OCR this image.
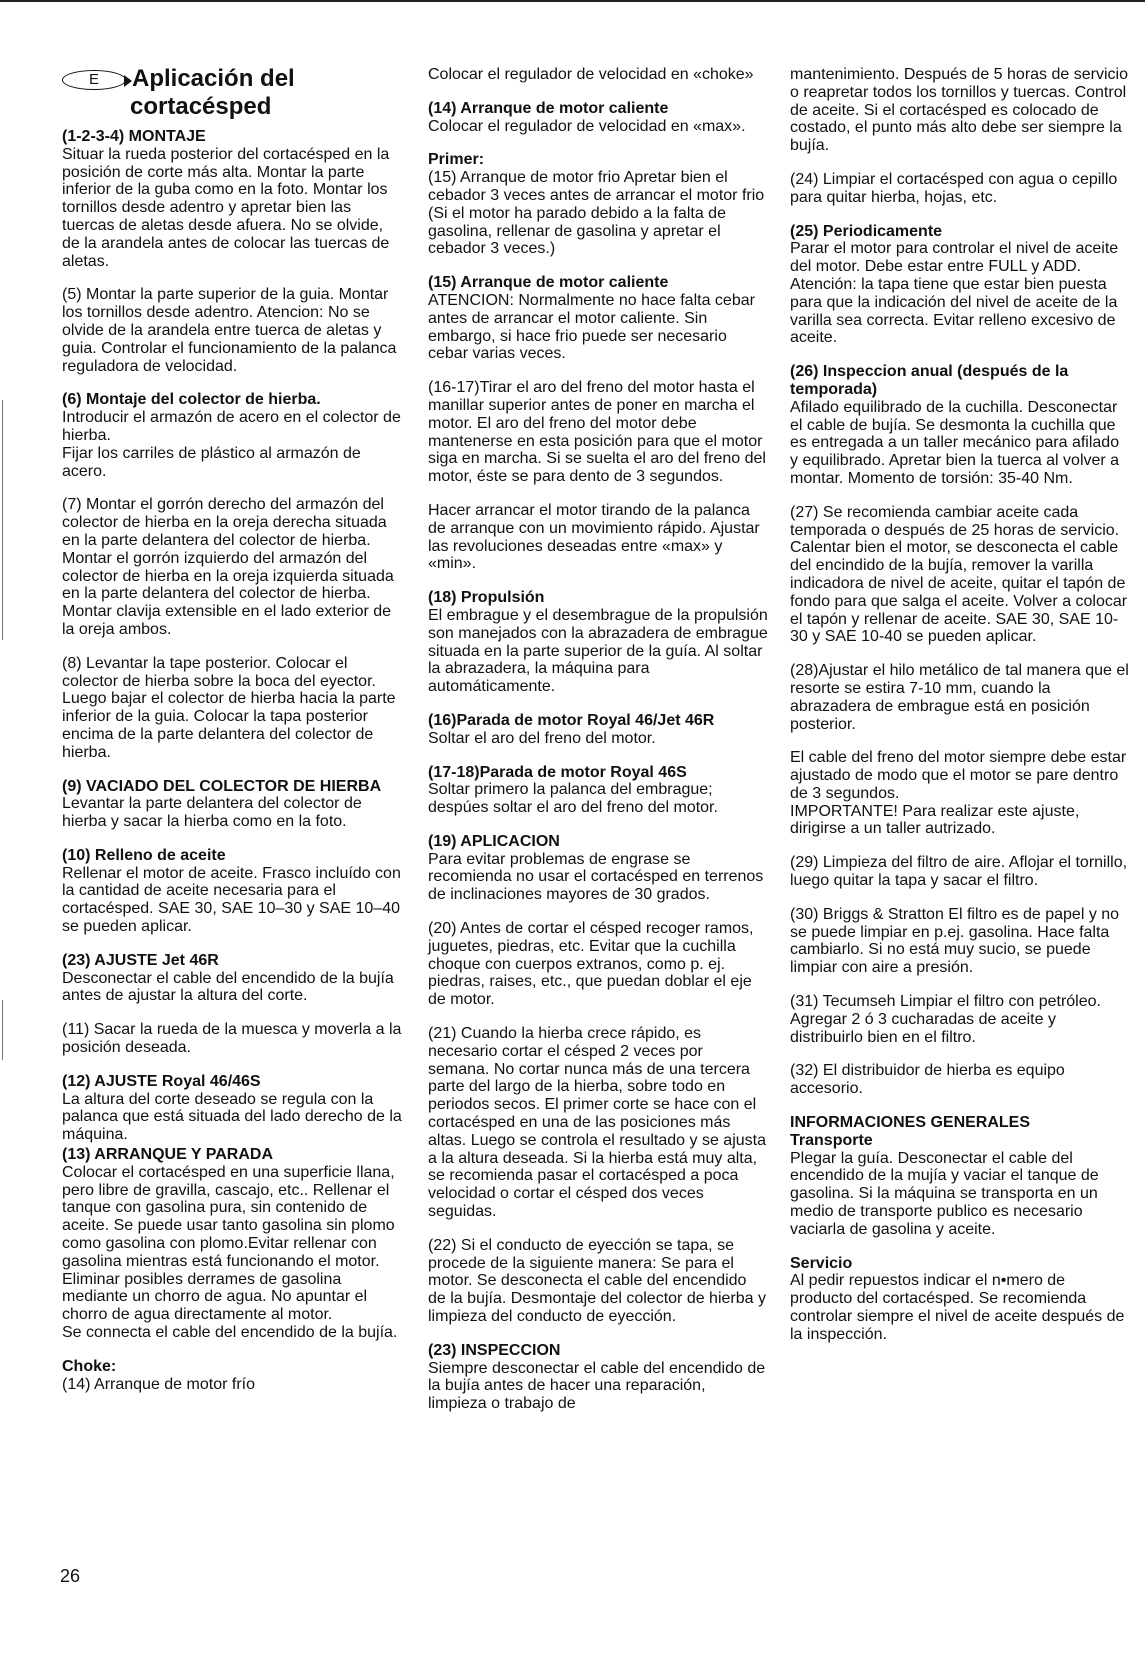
E	Aplicación del
cortacésped
(1-2-3-4) MONTAJE
Situar la rueda posterior del cortacésped en la posición de corte más alta. Montar la parte inferior de la guba como en la foto. Montar los tornillos desde adentro y apretar bien las tuercas de aletas desde afuera. No se olvide, de la arandela antes de colocar las tuercas de aletas.
(5) Montar la parte superior de la guia. Montar los tornillos desde adentro. Atencion: No se olvide de la arandela entre tuerca de aletas y guia. Controlar el funcionamiento de la palanca reguladora de velocidad.
(6) Montaje del colector de hierba.
Introducir el armazón de acero en el colector de hierba.
Fijar los carriles de plástico al armazón de acero.
(7) Montar el gorrón derecho del armazón del colector de hierba en la oreja derecha situada en la parte delantera del colector de hierba.
Montar el gorrón izquierdo del armazón del colector de hierba en la oreja izquierda situada en la parte delantera del colector de hierba. Montar clavija extensible en el lado exterior de la oreja ambos.
(8) Levantar la tape posterior. Colocar el colector de hierba sobre la boca del eyector. Luego bajar el colector de hierba hacia la parte inferior de la guia. Colocar la tapa posterior encima de la parte delantera del colector de hierba.
(9) VACIADO DEL COLECTOR DE HIERBA
Levantar la parte delantera del colector de hierba y sacar la hierba como en la foto.
(10) Relleno de aceite
Rellenar el motor de aceite. Frasco incluído con la cantidad de aceite necesaria para el cortacésped. SAE 30, SAE 10–30 y SAE 10–40 se pueden aplicar.
(23) AJUSTE Jet 46R
Desconectar el cable del encendido de la bujía antes de ajustar la altura del corte.
(11) Sacar la rueda de la muesca y moverla a la posición deseada.
(12) AJUSTE Royal 46/46S
La altura del corte deseado se regula con la palanca que está situada del lado derecho de la máquina.
(13) ARRANQUE Y PARADA
Colocar el cortacésped en una superficie llana, pero libre de gravilla, cascajo, etc.. Rellenar el tanque con gasolina pura, sin contenido de aceite. Se puede usar tanto gasolina sin plomo como gasolina con plomo.Evitar rellenar con gasolina mientras está funcionando el motor. Eliminar posibles derrames de gasolina mediante un chorro de agua. No apuntar el chorro de agua directamente al motor.
Se connecta el cable del encendido de la bujía.
Choke:
(14) Arranque de motor frío
Colocar el regulador de velocidad en «choke»
(14) Arranque de motor caliente
Colocar el regulador de velocidad en «max».
Primer:
(15) Arranque de motor frio Apretar bien el cebador 3 veces antes de arrancar el motor frio (Si el motor ha parado debido a la falta de gasolina, rellenar de gasolina y apretar el cebador 3 veces.)
(15) Arranque de motor caliente
ATENCION: Normalmente no hace falta cebar antes de arrancar el motor caliente. Sin embargo, si hace frio puede ser necesario cebar varias veces.
(16-17)Tirar el aro del freno del motor hasta el manillar superior antes de poner en marcha el motor. El aro del freno del motor debe mantenerse en esta posición para que el motor siga en marcha. Si se suelta el aro del freno del motor, éste se para dento de 3 segundos.
Hacer arrancar el motor tirando de la palanca de arranque con un movimiento rápido. Ajustar las revoluciones deseadas entre «max» y «min».
(18) Propulsión
El embrague y el desembrague de la propulsión son manejados con la abrazadera de embrague situada en la parte superior de la guía. Al soltar la abrazadera, la máquina para automáticamente.
(16)Parada de motor Royal 46/Jet 46R
Soltar el aro del freno del motor.
(17-18)Parada de motor Royal 46S
Soltar primero la palanca del embrague; despúes soltar el aro del freno del motor.
(19) APLICACION
Para evitar problemas de engrase se recomienda no usar el cortacésped en terrenos de inclinaciones mayores de 30 grados.
(20) Antes de cortar el césped recoger ramos, juguetes, piedras, etc. Evitar que la cuchilla choque con cuerpos extranos, como p. ej. piedras, raises, etc., que puedan doblar el eje de motor.
(21) Cuando la hierba crece rápido, es necesario cortar el césped 2 veces por semana. No cortar nunca más de una tercera parte del largo de la hierba, sobre todo en periodos secos. El primer corte se hace con el cortacésped en una de las posiciones más altas. Luego se controla el resultado y se ajusta a la altura deseada. Si la hierba está muy alta, se recomienda pasar el cortacésped a poca velocidad o cortar el césped dos veces seguidas.
(22) Si el conducto de eyección se tapa, se procede de la siguiente manera: Se para el motor. Se desconecta el cable del encendido de la bujía. Desmontaje del colector de hierba y limpieza del conducto de eyección.
(23) INSPECCION
Siempre desconectar el cable del encendido de la bujía antes de hacer una reparación, limpieza o trabajo de
mantenimiento. Después de 5 horas de servicio o reapretar todos los tornillos y tuercas. Control de aceite. Si el cortacésped es colocado de costado, el punto más alto debe ser siempre la bujía.
(24) Limpiar el cortacésped con agua o cepillo para quitar hierba, hojas, etc.
(25) Periodicamente
Parar el motor para controlar el nivel de aceite del motor. Debe estar entre FULL y ADD. Atención: la tapa tiene que estar bien puesta para que la indicación del nivel de aceite de la varilla sea correcta. Evitar relleno excesivo de aceite.
(26) Inspeccion anual (después de la temporada)
Afilado equilibrado de la cuchilla. Desconectar el cable de bujía. Se desmonta la cuchilla que es entregada a un taller mecánico para afilado y equilibrado. Apretar bien la tuerca al volver a montar. Momento de torsión: 35-40 Nm.
(27) Se recomienda cambiar aceite cada temporada o después de 25 horas de servicio. Calentar bien el motor, se desconecta el cable del encindido de la bujía, remover la varilla indicadora de nivel de aceite, quitar el tapón de fondo para que salga el aceite. Volver a colocar el tapón y rellenar de aceite. SAE 30, SAE 10-30 y SAE 10-40 se pueden aplicar.
(28)Ajustar el hilo metálico de tal manera que el resorte se estira 7-10 mm, cuando la abrazadera de embrague está en posición posterior.
El cable del freno del motor siempre debe estar ajustado de modo que el motor se pare dentro de 3 segundos.
IMPORTANTE! Para realizar este ajuste, dirigirse a un taller autrizado.
(29) Limpieza del filtro de aire. Aflojar el tornillo, luego quitar la tapa y sacar el filtro.
(30) Briggs & Stratton El filtro es de papel y no se puede limpiar en p.ej. gasolina. Hace falta cambiarlo. Si no está muy sucio, se puede limpiar con aire a presión.
(31) Tecumseh Limpiar el filtro con petróleo. Agregar 2 ó 3 cucharadas de aceite y distribuirlo bien en el filtro.
(32) El distribuidor de hierba es equipo accesorio.
INFORMACIONES GENERALES
Transporte
Plegar la guía. Desconectar el cable del encendido de la mujía y vaciar el tanque de gasolina. Si la máquina se transporta en un medio de transporte publico es necesario vaciarla de gasolina y aceite.
Servicio
Al pedir repuestos indicar el n•mero de producto del cortacésped. Se recomienda controlar siempre el nivel de aceite después de la inspección.
26
